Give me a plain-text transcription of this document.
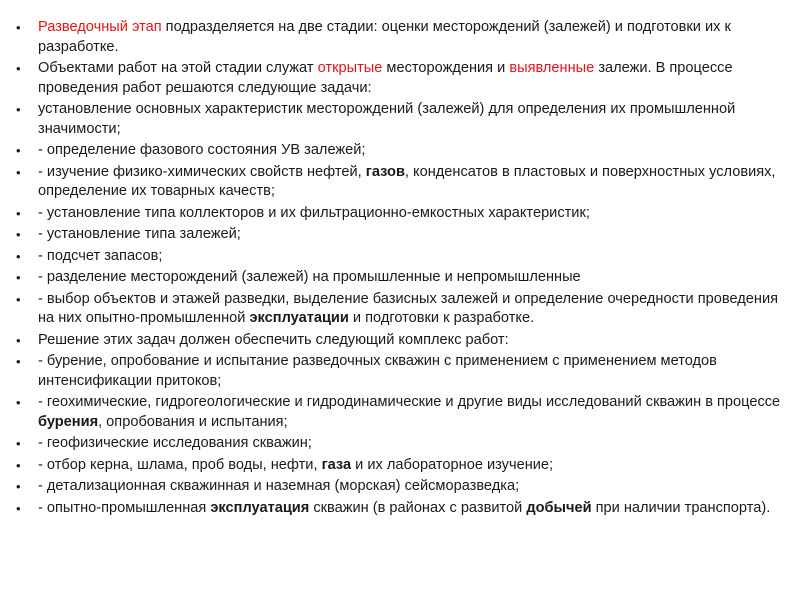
• Разведочный этап подразделяется на две стадии: оценки месторождений (залежей) и подготовки их к разработке.
• Объектами работ на этой стадии служат открытые месторождения и выявленные залежи. В процессе проведения работ решаются следующие задачи:
• установление основных характеристик месторождений (залежей) для определения их промышленной значимости;
• - определение фазового состояния УВ залежей;
• - изучение физико-химических свойств нефтей, газов, конденсатов в пластовых и поверхностных условиях, определение их товарных качеств;
• - установление типа коллекторов и их фильтрационно-емкостных характеристик;
• - установление типа залежей;
• - подсчет запасов;
• - разделение месторождений (залежей) на промышленные и непромышленные
• - выбор объектов и этажей разведки, выделение базисных залежей и определение очередности проведения на них опытно-промышленной эксплуатации и подготовки к разработке.
• Решение этих задач должен обеспечить следующий комплекс работ:
• - бурение, опробование и испытание разведочных скважин с применением с применением методов интенсификации притоков;
• - геохимические, гидрогеологические и гидродинамические и другие виды исследований скважин в процессе бурения, опробования и испытания;
• - геофизические исследования скважин;
• - отбор керна, шлама, проб воды, нефти, газа и их лабораторное изучение;
• - детализационная скважинная и наземная (морская) сейсморазведка;
• - опытно-промышленная эксплуатация скважин (в районах с развитой добычей при наличии транспорта).
